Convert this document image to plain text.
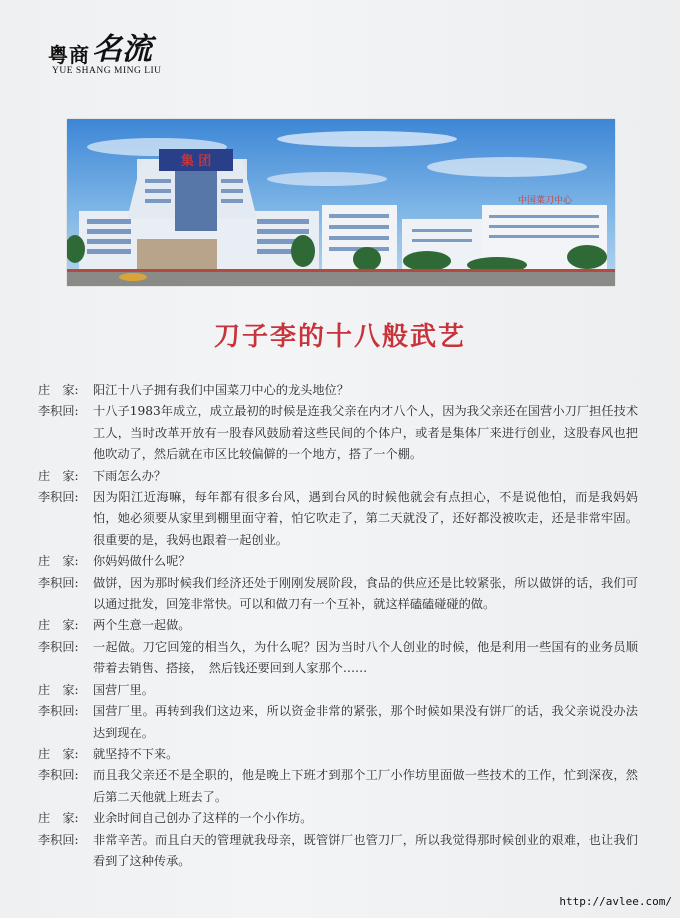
粤商名流
YUE SHANG MING LIU
集 团
中国菜刀中心
刀子李的十八般武艺
庄　家:	阳江十八子拥有我们中国菜刀中心的龙头地位？
李积回:	十八子1983年成立，成立最初的时候是连我父亲在内才八个人，因为我父亲还在国营小刀厂担任技术工人，当时改革开放有一股春风鼓励着这些民间的个体户，或者是集体厂来进行创业，这股春风也把他吹动了，然后就在市区比较偏僻的一个地方，搭了一个棚。
庄　家:	下雨怎么办？
李积回:	因为阳江近海嘛，每年都有很多台风，遇到台风的时候他就会有点担心，不是说他怕，而是我妈妈怕，她必须要从家里到棚里面守着，怕它吹走了，第二天就没了，还好都没被吹走，还是非常牢固。很重要的是，我妈也跟着一起创业。
庄　家:	你妈妈做什么呢？
李积回:	做饼，因为那时候我们经济还处于刚刚发展阶段，食品的供应还是比较紧张，所以做饼的话，我们可以通过批发，回笼非常快。可以和做刀有一个互补，就这样磕磕碰碰的做。
庄　家:	两个生意一起做。
李积回:	一起做。刀它回笼的相当久，为什么呢？因为当时八个人创业的时候，他是利用一些国有的业务员顺带着去销售、搭接，　然后钱还要回到人家那个……
庄　家:	国营厂里。
李积回:	国营厂里。再转到我们这边来，所以资金非常的紧张，那个时候如果没有饼厂的话，我父亲说没办法达到现在。
庄　家:	就坚持不下来。
李积回:	而且我父亲还不是全职的，他是晚上下班才到那个工厂小作坊里面做一些技术的工作，忙到深夜，然后第二天他就上班去了。
庄　家:	业余时间自己创办了这样的一个小作坊。
李积回:	非常辛苦。而且白天的管理就我母亲，既管饼厂也管刀厂，所以我觉得那时候创业的艰难，也让我们看到了这种传承。
http://avlee.com/
